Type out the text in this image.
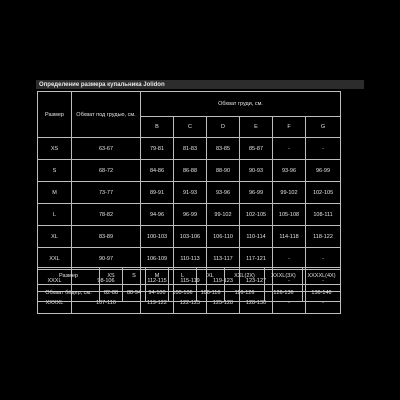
Определение размера купальника Jolidon
Размер	Обхват под грудью, см.	Обхват груди, см.					
		B	C	D	E	F	G
XS	63-67	79-81	81-83	83-85	85-87	-	-
S	68-72	84-86	86-88	88-90	90-93	93-96	96-99
M	73-77	89-91	91-93	93-96	96-99	99-102	102-105
L	78-82	94-96	96-99	99-102	102-105	105-108	108-111
XL	83-89	100-103	103-106	106-110	110-114	114-118	118-122
XXL	90-97	106-109	110-113	113-117	117-121	-	-
XXXL	98-106	112-115	115-119	119-123	123-127	-	-
XXXXL	107-116	119-122	122-125	125-128	128-130	-	-
Размер	XS	S	M	L	XL	XXL(2X)	XXXL(3X)	XXXXL(4X)
Обхват бёдер, см.	82-88	88-94	94-100	100-106	106-116	116-126	126-136	136-146
